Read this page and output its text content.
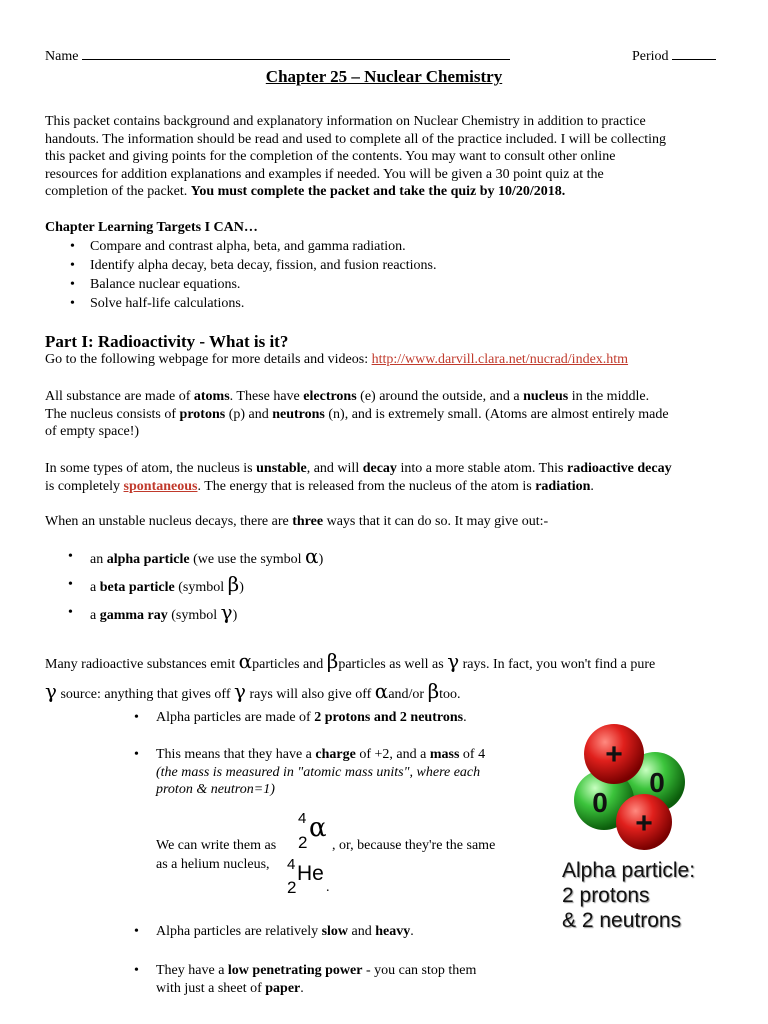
Name	Period
Chapter 25 – Nuclear Chemistry
This packet contains background and explanatory information on Nuclear Chemistry in addition to practice
handouts. The information should be read and used to complete all of the practice included. I will be collecting
this packet and giving points for the completion of the contents. You may want to consult other online
resources for addition explanations and examples if needed. You will be given a 30 point quiz at the
completion of the packet. You must complete the packet and take the quiz by 10/20/2018.
Chapter Learning Targets I CAN…
• Compare and contrast alpha, beta, and gamma radiation.
• Identify alpha decay, beta decay, fission, and fusion reactions.
• Balance nuclear equations.
• Solve half-life calculations.
Part I: Radioactivity - What is it?
Go to the following webpage for more details and videos: http://www.darvill.clara.net/nucrad/index.htm
All substance are made of atoms. These have electrons (e) around the outside, and a nucleus in the middle.
The nucleus consists of protons (p) and neutrons (n), and is extremely small. (Atoms are almost entirely made
of empty space!)
In some types of atom, the nucleus is unstable, and will decay into a more stable atom. This radioactive decay
is completely spontaneous. The energy that is released from the nucleus of the atom is radiation.
When an unstable nucleus decays, there are three ways that it can do so. It may give out:-
• an alpha particle (we use the symbol α)
• a beta particle (symbol β)
• a gamma ray (symbol γ)
Many radioactive substances emit αparticles and βparticles as well as γ rays. In fact, you won't find a pure
γ source: anything that gives off γ rays will also give off αand/or βtoo.
• Alpha particles are made of 2 protons and 2 neutrons.
• This means that they have a charge of +2, and a mass of 4
(the mass is measured in "atomic mass units", where each
proton & neutron=1)
We can write them as
4
2 α
, or, because they're the same
as a helium nucleus, 4
2
He
.
• Alpha particles are relatively slow and heavy.
• They have a low penetrating power - you can stop them
with just a sheet of paper.
+
0
0
+
Alpha particle:
2 protons
& 2 neutrons
